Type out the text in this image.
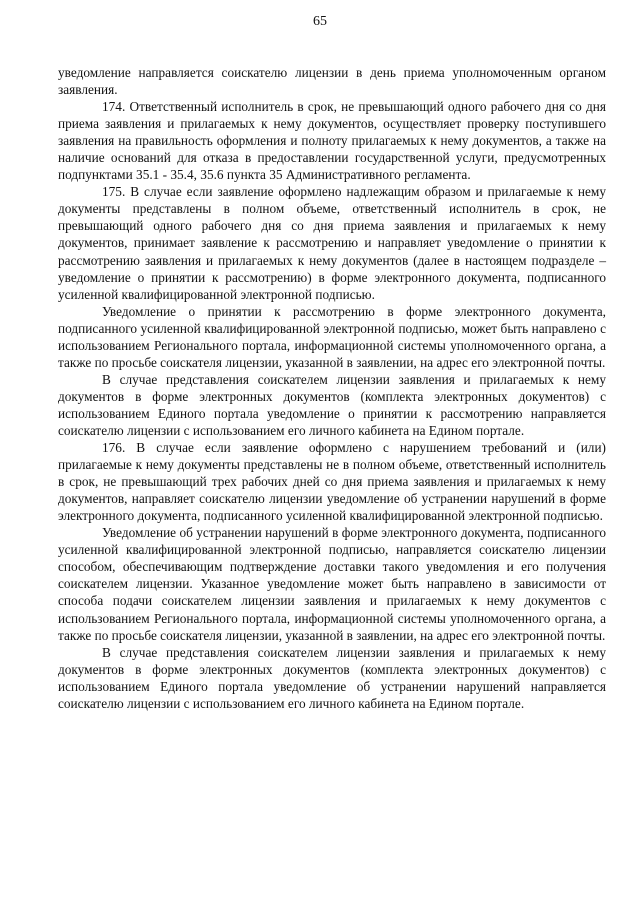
65

уведомление направляется соискателю лицензии в день приема уполномоченным органом заявления.

174. Ответственный исполнитель в срок, не превышающий одного рабочего дня со дня приема заявления и прилагаемых к нему документов, осуществляет проверку поступившего заявления на правильность оформления и полноту прилагаемых к нему документов, а также на наличие оснований для отказа в предоставлении государственной услуги, предусмотренных подпунктами 35.1 - 35.4, 35.6 пункта 35 Административного регламента.

175. В случае если заявление оформлено надлежащим образом и прилагаемые к нему документы представлены в полном объеме, ответственный исполнитель в срок, не превышающий одного рабочего дня со дня приема заявления и прилагаемых к нему документов, принимает заявление к рассмотрению и направляет уведомление о принятии к рассмотрению заявления и прилагаемых к нему документов (далее в настоящем подразделе – уведомление о принятии к рассмотрению) в форме электронного документа, подписанного усиленной квалифицированной электронной подписью.

Уведомление о принятии к рассмотрению в форме электронного документа, подписанного усиленной квалифицированной электронной подписью, может быть направлено с использованием Регионального портала, информационной системы уполномоченного органа, а также по просьбе соискателя лицензии, указанной в заявлении, на адрес его электронной почты.

В случае представления соискателем лицензии заявления и прилагаемых к нему документов в форме электронных документов (комплекта электронных документов) с использованием Единого портала уведомление о принятии к рассмотрению направляется соискателю лицензии с использованием его личного кабинета на Едином портале.

176. В случае если заявление оформлено с нарушением требований и (или) прилагаемые к нему документы представлены не в полном объеме, ответственный исполнитель в срок, не превышающий трех рабочих дней со дня приема заявления и прилагаемых к нему документов, направляет соискателю лицензии уведомление об устранении нарушений в форме электронного документа, подписанного усиленной квалифицированной электронной подписью.

Уведомление об устранении нарушений в форме электронного документа, подписанного усиленной квалифицированной электронной подписью, направляется соискателю лицензии способом, обеспечивающим подтверждение доставки такого уведомления и его получения соискателем лицензии. Указанное уведомление может быть направлено в зависимости от способа подачи соискателем лицензии заявления и прилагаемых к нему документов с использованием Регионального портала, информационной системы уполномоченного органа, а также по просьбе соискателя лицензии, указанной в заявлении, на адрес его электронной почты.

В случае представления соискателем лицензии заявления и прилагаемых к нему документов в форме электронных документов (комплекта электронных документов) с использованием Единого портала уведомление об устранении нарушений направляется соискателю лицензии с использованием его личного кабинета на Едином портале.
